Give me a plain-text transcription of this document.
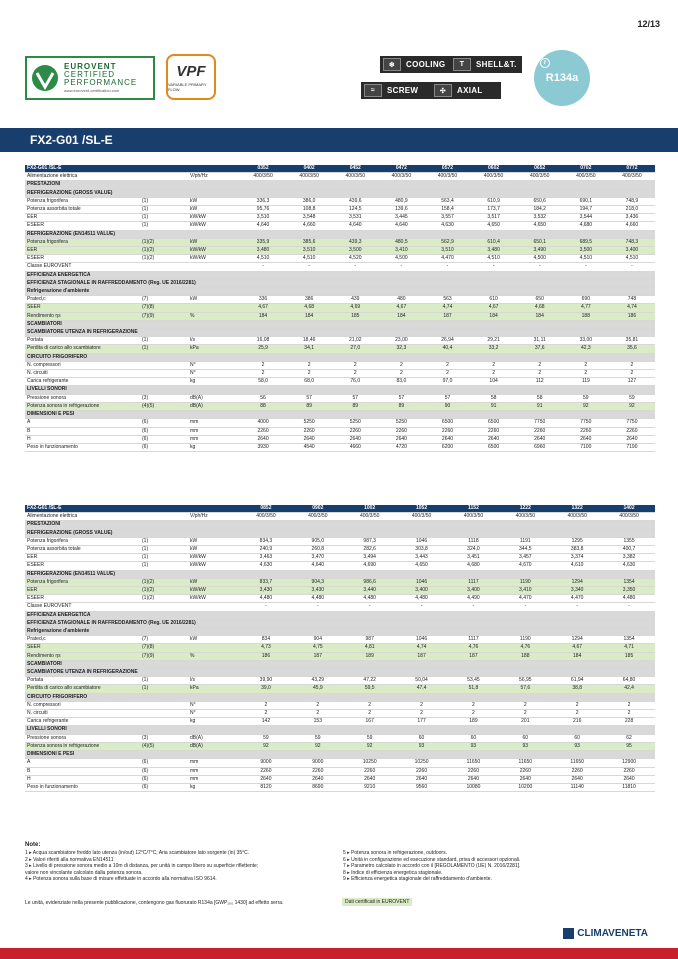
12/13
EUROVENT
CERTIFIED
PERFORMANCE
www.eurovent-certification.com
VPF
VARIABLE PRIMARY FLOW
❄	COOLING	T	SHELL&T.
≈	SCREW	✣	AXIAL
r
R134a
FX2-G01 /SL-E
FX2-G01 /SL-E			0352	0402	0452	0472	0572	0602	0652	0702	0772
Alimentazione elettrica		V/ph/Hz	400/3/50	400/3/50	400/3/50	400/3/50	400/3/50	400/3/50	400/3/50	400/3/50	400/3/50
PRESTAZIONI											
REFRIGERAZIONE (GROSS VALUE)											
Potenza frigorifera	(1)	kW	336,3	386,0	439,6	480,9	563,4	610,9	650,6	690,1	748,9
Potenza assorbita totale	(1)	kW	95,76	108,8	124,5	139,6	158,4	173,7	184,2	194,7	218,0
EER	(1)	kW/kW	3,510	3,548	3,531	3,445	3,557	3,517	3,532	3,544	3,436
ESEER	(1)	kW/kW	4,640	4,660	4,640	4,640	4,630	4,650	4,650	4,680	4,660
REFRIGERAZIONE (EN14511 VALUE)											
Potenza frigorifera	(1)(2)	kW	335,9	385,6	439,3	480,5	562,9	610,4	650,1	689,5	748,3
EER	(1)(2)	kW/kW	3,480	3,510	3,500	3,410	3,510	3,480	3,490	3,500	3,400
ESEER	(1)(2)	kW/kW	4,510	4,510	4,520	4,500	4,470	4,510	4,500	4,510	4,510
Classe EUROVENT			-	-	-	-	-	-	-	-	-
EFFICIENZA ENERGETICA											
EFFICIENZA STAGIONALE IN RAFFREDDAMENTO (Reg. UE 2016/2281)											
Refrigerazione d'ambiente											
Prated,c	(7)	kW	336	386	439	480	563	610	650	690	748
SEER	(7)(8)		4,67	4,68	4,69	4,67	4,74	4,67	4,68	4,77	4,74
Rendimento ηs	(7)(9)	%	184	184	185	184	187	184	184	188	186
SCAMBIATORI											
SCAMBIATORE UTENZA IN REFRIGERAZIONE											
Portata	(1)	l/s	16,08	18,46	21,02	23,00	26,94	29,21	31,11	33,00	35,81
Perdita di carico allo scambiatore	(1)	kPa	25,9	34,1	27,0	32,3	40,4	33,2	37,6	42,3	35,6
CIRCUITO FRIGORIFERO											
N. compressori		N°	2	2	2	2	2	2	2	2	2
N. circuiti		N°	2	2	2	2	2	2	2	2	2
Carica refrigerante		kg	58,0	68,0	76,0	83,0	97,0	104	112	119	127
LIVELLI SONORI											
Pressione sonora	(3)	dB(A)	56	57	57	57	57	58	58	59	59
Potenza sonora in refrigerazione	(4)(5)	dB(A)	88	89	89	89	90	91	91	92	92
DIMENSIONI E PESI											
A	(6)	mm	4000	5250	5250	5250	6500	6500	7750	7750	7750
B	(6)	mm	2260	2260	2260	2260	2260	2260	2260	2260	2260
H	(6)	mm	2640	2640	2640	2640	2640	2640	2640	2640	2640
Peso in funzionamento	(6)	kg	3930	4540	4660	4720	6200	6500	6960	7100	7190
FX2-G01 /SL-E			0852	0902	1002	1052	1152	1222	1322	1402
Alimentazione elettrica		V/ph/Hz	400/3/50	400/3/50	400/3/50	400/3/50	400/3/50	400/3/50	400/3/50	400/3/50
PRESTAZIONI										
REFRIGERAZIONE (GROSS VALUE)										
Potenza frigorifera	(1)	kW	834,3	905,0	987,3	1046	1118	1191	1295	1355
Potenza assorbita totale	(1)	kW	240,9	260,8	282,6	303,8	324,0	344,5	383,8	400,7
EER	(1)	kW/kW	3,463	3,470	3,494	3,443	3,451	3,457	3,374	3,382
ESEER	(1)	kW/kW	4,630	4,640	4,690	4,650	4,680	4,670	4,610	4,630
REFRIGERAZIONE (EN14511 VALUE)										
Potenza frigorifera	(1)(2)	kW	833,7	904,3	986,6	1046	1117	1190	1294	1354
EER	(1)(2)	kW/kW	3,430	3,430	3,440	3,400	3,400	3,410	3,340	3,350
ESEER	(1)(2)	kW/kW	4,480	4,480	4,480	4,480	4,490	4,470	4,470	4,480
Classe EUROVENT			-	-	-	-	-	-	-	-
EFFICIENZA ENERGETICA										
EFFICIENZA STAGIONALE IN RAFFREDDAMENTO (Reg. UE 2016/2281)										
Refrigerazione d'ambiente										
Prated,c	(7)	kW	834	904	987	1046	1117	1190	1294	1354
SEER	(7)(8)		4,73	4,75	4,81	4,74	4,76	4,76	4,67	4,71
Rendimento ηs	(7)(9)	%	186	187	189	187	187	188	184	185
SCAMBIATORI										
SCAMBIATORE UTENZA IN REFRIGERAZIONE										
Portata	(1)	l/s	39,90	43,29	47,22	50,04	53,45	56,95	61,94	64,80
Perdita di carico allo scambiatore	(1)	kPa	39,0	45,9	59,5	47,4	51,8	57,6	38,8	42,4
CIRCUITO FRIGORIFERO										
N. compressori		N°	2	2	2	2	2	2	2	2
N. circuiti		N°	2	2	2	2	2	2	2	2
Carica refrigerante		kg	142	153	167	177	189	201	216	228
LIVELLI SONORI										
Pressione sonora	(3)	dB(A)	59	59	59	60	60	60	60	62
Potenza sonora in refrigerazione	(4)(5)	dB(A)	92	92	92	93	93	93	93	95
DIMENSIONI E PESI										
A	(6)	mm	9000	9000	10250	10250	11650	11650	11650	12900
B	(6)	mm	2260	2260	2260	2260	2260	2260	2260	2260
H	(6)	mm	2640	2640	2640	2640	2640	2640	2640	2640
Peso in funzionamento	(6)	kg	8120	8690	9210	9560	10080	10200	11140	11810
Note:
1 ▸ Acqua scambiatore freddo lato utenza (in/out) 12°C/7°C; Aria scambiatore lato sorgente (in) 35°C.
2 ▸ Valori riferiti alla normativa EN14511
3 ▸ Livello di pressione sonora medio a 10m di distanza, per unità in campo libero su superficie riflettente;
valore non vincolante calcolato dalla potenza sonora.
4 ▸ Potenza sonora sulla base di misure effettuate in accordo alla normativa ISO 9614.
5 ▸ Potenza sonora in refrigerazione, outdoors.
6 ▸ Unità in configurazione ed esecuzione standard, priva di accessori opzionali.
7 ▸ Parametro calcolato in accordo con il [REGOLAMENTO (UE) N. 2016/2281].
8 ▸ Indice di efficienza energetica stagionale.
9 ▸ Efficienza energetica stagionale del raffreddamento d'ambiente.
Le unità, evidenziate nella presente pubblicazione, contengono gas fluorurato R134a [GWP₁₀₀ 1430] ad effetto serra.	Dati certificati in EUROVENT
CLIMAVENETA
